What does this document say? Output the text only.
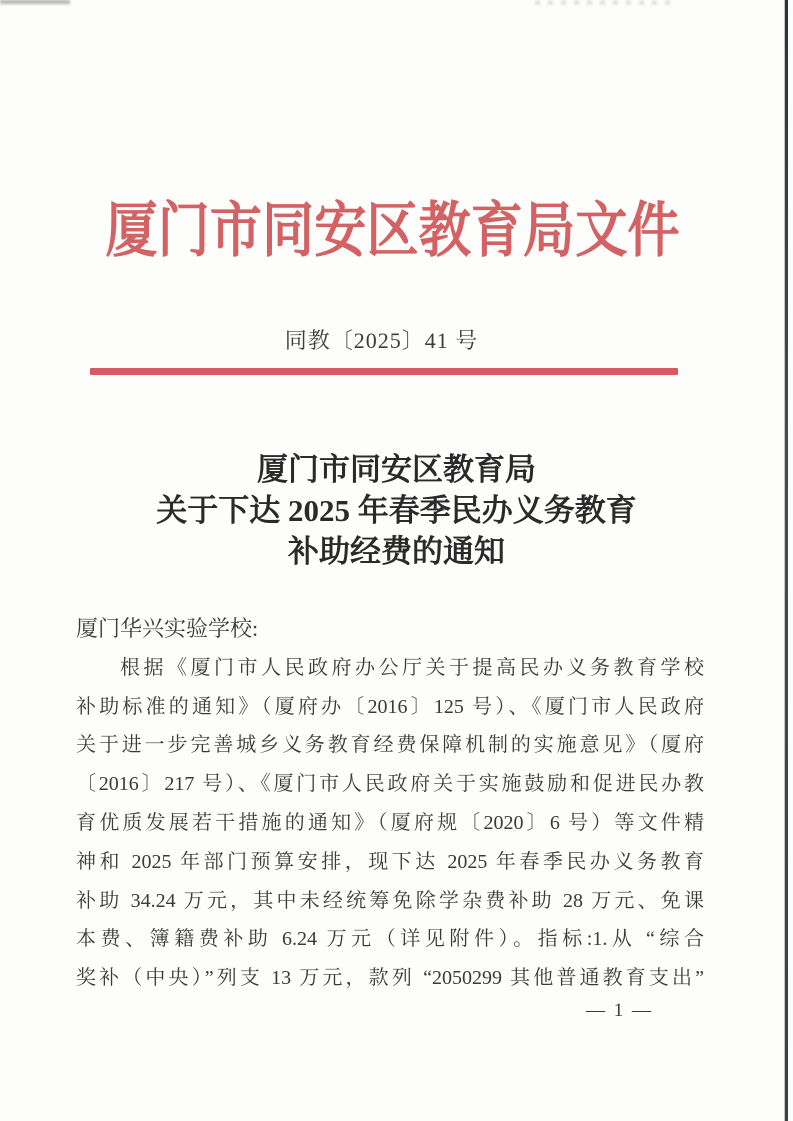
厦门市同安区教育局文件
同教〔2025〕41 号
厦门市同安区教育局
关于下达 2025 年春季民办义务教育
补助经费的通知
厦门华兴实验学校:
根据《厦门市人民政府办公厅关于提高民办义务教育学校
补助标准的通知》（厦府办〔2016〕125 号）、《厦门市人民政府
关于进一步完善城乡义务教育经费保障机制的实施意见》（厦府
〔2016〕217 号）、《厦门市人民政府关于实施鼓励和促进民办教
育优质发展若干措施的通知》（厦府规〔2020〕6 号）等文件精
神和 2025 年部门预算安排，现下达 2025 年春季民办义务教育
补助 34.24 万元，其中未经统筹免除学杂费补助 28 万元、免课
本费、簿籍费补助 6.24 万元（详见附件）。指标:1.从 “综合
奖补（中央）”列支 13 万元，款列 “2050299 其他普通教育支出”
— 1 —
